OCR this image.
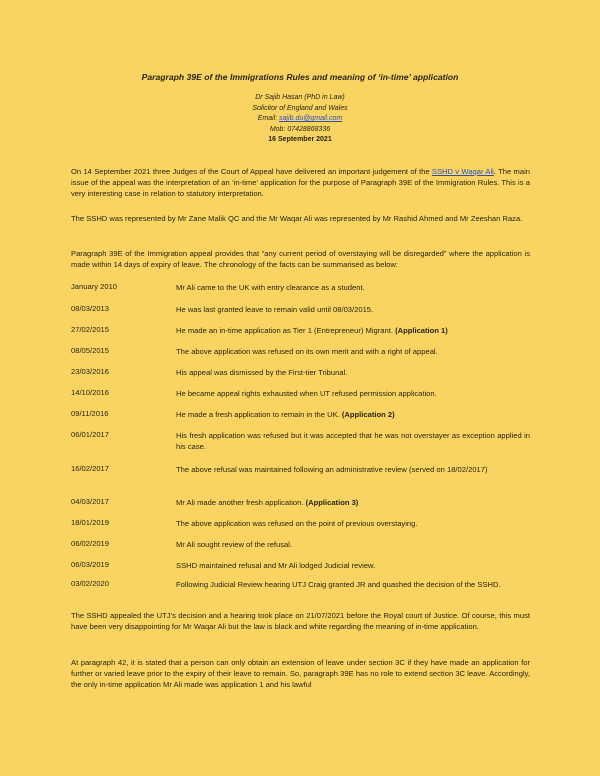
Paragraph 39E of the Immigrations Rules and meaning of ‘in-time’ application
Dr Sajib Hasan (PhD in Law)
Solicitor of England and Wales
Email: sajib.du@gmail.com
Mob: 07428868336
16 September 2021
On 14 September 2021 three Judges of the Court of Appeal have delivered an important judgement of the SSHD v Waqar Ali. The main issue of the appeal was the interpretation of an ‘in-time’ application for the purpose of Paragraph 39E of the Immigration Rules. This is a very interesting case in relation to statutory interpretation.
The SSHD was represented by Mr Zane Malik QC and the Mr Waqar Ali was represented by Mr Rashid Ahmed and Mr Zeeshan Raza.
Paragraph 39E of the Immigration appeal provides that “any current period of overstaying will be disregarded” where the application is made within 14 days of expiry of leave. The chronology of the facts can be summarised as below:
January 2010	Mr Ali came to the UK with entry clearance as a student.
08/03/2013	He was last granted leave to remain valid until 08/03/2015.
27/02/2015	He made an in-time application as Tier 1 (Entrepreneur) Migrant. (Application 1)
08/05/2015	The above application was refused on its own merit and with a right of appeal.
23/03/2016	His appeal was dismissed by the First-tier Tribunal.
14/10/2016	He became appeal rights exhausted when UT refused permission application.
09/11/2016	He made a fresh application to remain in the UK. (Application 2)
06/01/2017	His fresh application was refused but it was accepted that he was not overstayer as exception applied in his case.
16/02/2017	The above refusal was maintained following an administrative review (served on 18/02/2017)
04/03/2017	Mr Ali made another fresh application. (Application 3)
18/01/2019	The above application was refused on the point of previous overstaying.
06/02/2019	Mr Ali sought review of the refusal.
06/03/2019	SSHD maintained refusal and Mr Ali lodged Judicial review.
03/02/2020	Following Judicial Review hearing UTJ Craig granted JR and quashed the decision of the SSHD.
The SSHD appealed the UTJ’s decision and a hearing took place on 21/07/2021 before the Royal court of Justice. Of course, this must have been very disappointing for Mr Waqar Ali but the law is black and white regarding the meaning of in-time application.
At paragraph 42, it is stated that a person can only obtain an extension of leave under section 3C if they have made an application for further or varied leave prior to the expiry of their leave to remain. So, paragraph 39E has no role to extend section 3C leave. Accordingly, the only in-time application Mr Ali made was application 1 and his lawful
